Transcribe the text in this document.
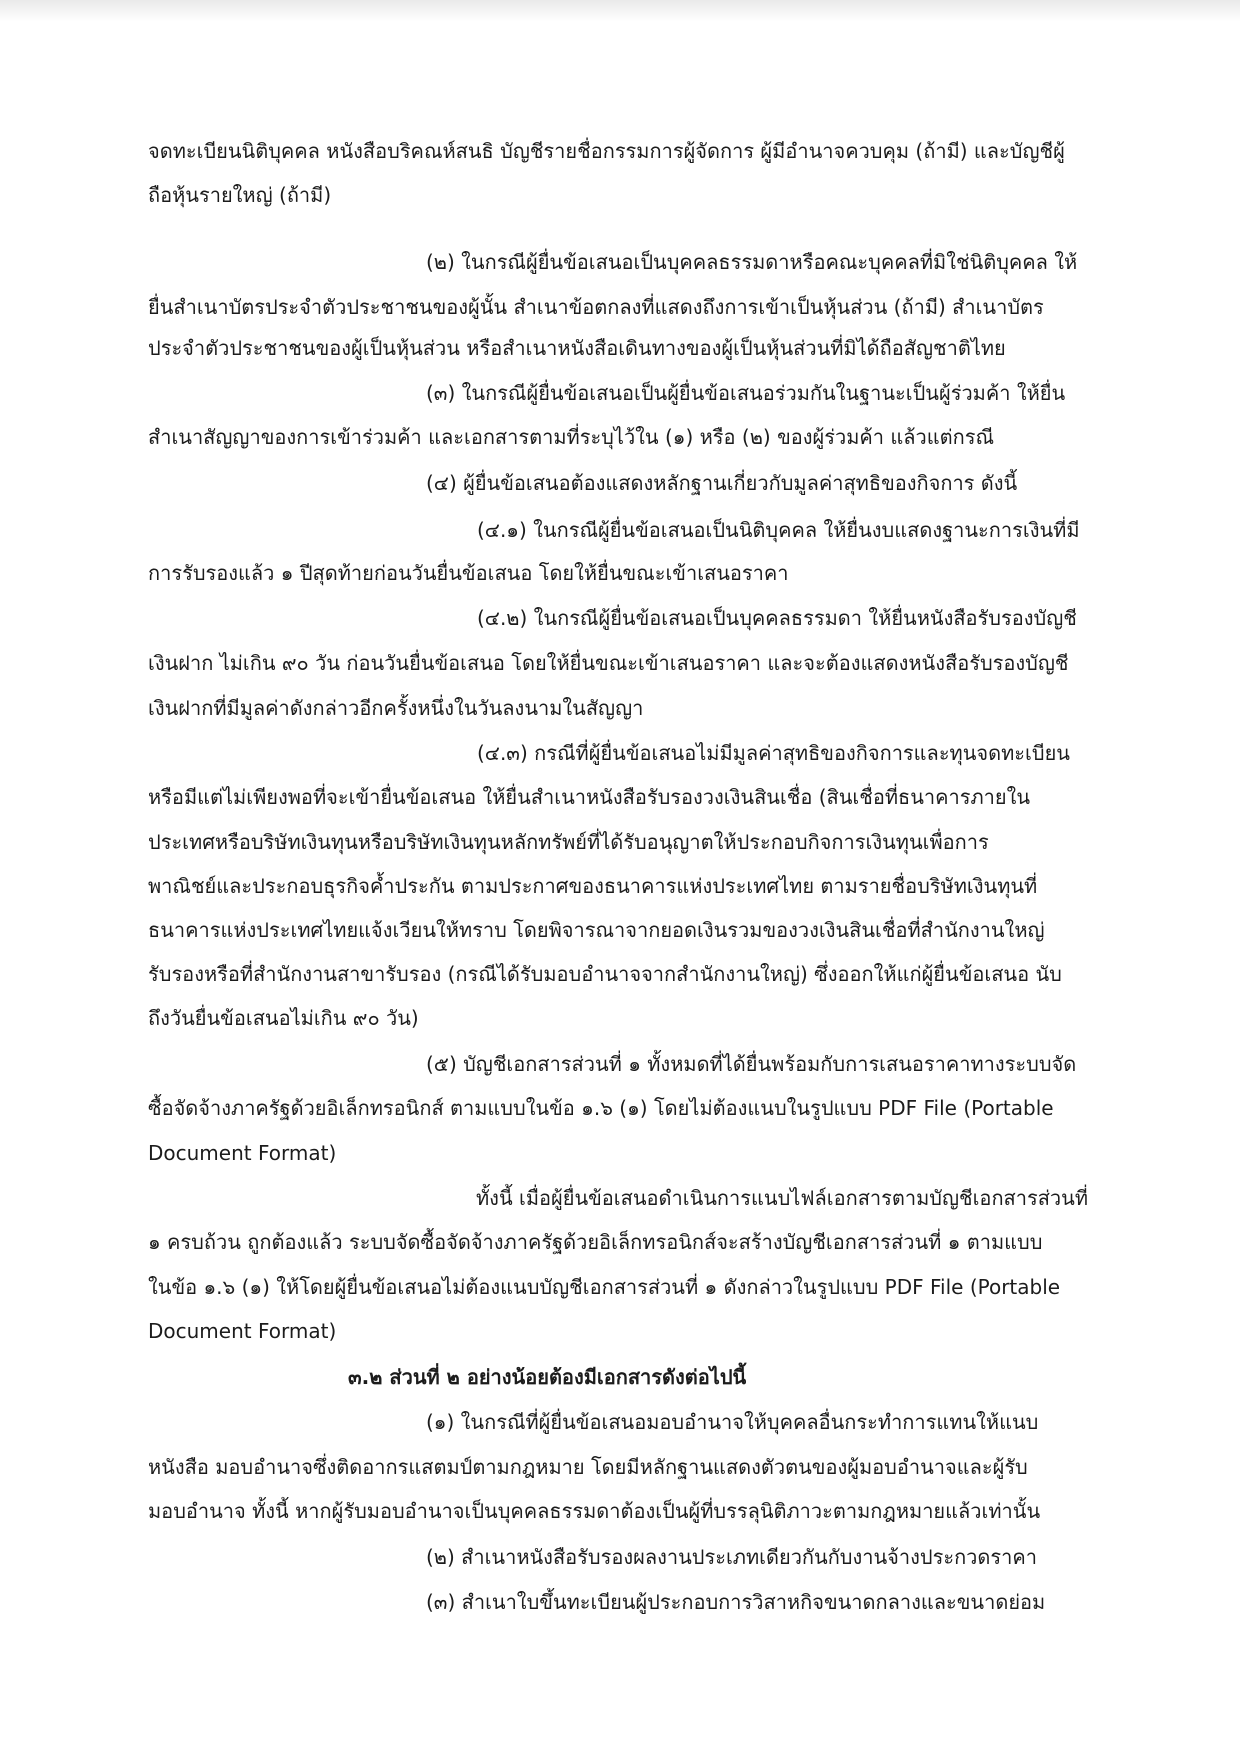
จดทะเบียนนิติบุคคล หนังสือบริคณห์สนธิ บัญชีรายชื่อกรรมการผู้จัดการ ผู้มีอำนาจควบคุม (ถ้ามี) และบัญชีผู้
ถือหุ้นรายใหญ่ (ถ้ามี)
(๒) ในกรณีผู้ยื่นข้อเสนอเป็นบุคคลธรรมดาหรือคณะบุคคลที่มิใช่นิติบุคคล ให้
ยื่นสำเนาบัตรประจำตัวประชาชนของผู้นั้น สำเนาข้อตกลงที่แสดงถึงการเข้าเป็นหุ้นส่วน (ถ้ามี) สำเนาบัตร
ประจำตัวประชาชนของผู้เป็นหุ้นส่วน หรือสำเนาหนังสือเดินทางของผู้เป็นหุ้นส่วนที่มิได้ถือสัญชาติไทย
(๓) ในกรณีผู้ยื่นข้อเสนอเป็นผู้ยื่นข้อเสนอร่วมกันในฐานะเป็นผู้ร่วมค้า ให้ยื่น
สำเนาสัญญาของการเข้าร่วมค้า และเอกสารตามที่ระบุไว้ใน (๑) หรือ (๒) ของผู้ร่วมค้า แล้วแต่กรณี
(๔) ผู้ยื่นข้อเสนอต้องแสดงหลักฐานเกี่ยวกับมูลค่าสุทธิของกิจการ ดังนี้
(๔.๑) ในกรณีผู้ยื่นข้อเสนอเป็นนิติบุคคล ให้ยื่นงบแสดงฐานะการเงินที่มี
การรับรองแล้ว ๑ ปีสุดท้ายก่อนวันยื่นข้อเสนอ โดยให้ยื่นขณะเข้าเสนอราคา
(๔.๒) ในกรณีผู้ยื่นข้อเสนอเป็นบุคคลธรรมดา ให้ยื่นหนังสือรับรองบัญชี
เงินฝาก ไม่เกิน ๙๐ วัน ก่อนวันยื่นข้อเสนอ โดยให้ยื่นขณะเข้าเสนอราคา และจะต้องแสดงหนังสือรับรองบัญชี
เงินฝากที่มีมูลค่าดังกล่าวอีกครั้งหนึ่งในวันลงนามในสัญญา
(๔.๓) กรณีที่ผู้ยื่นข้อเสนอไม่มีมูลค่าสุทธิของกิจการและทุนจดทะเบียน
หรือมีแต่ไม่เพียงพอที่จะเข้ายื่นข้อเสนอ ให้ยื่นสำเนาหนังสือรับรองวงเงินสินเชื่อ (สินเชื่อที่ธนาคารภายใน
ประเทศหรือบริษัทเงินทุนหรือบริษัทเงินทุนหลักทรัพย์ที่ได้รับอนุญาตให้ประกอบกิจการเงินทุนเพื่อการ
พาณิชย์และประกอบธุรกิจค้ำประกัน ตามประกาศของธนาคารแห่งประเทศไทย ตามรายชื่อบริษัทเงินทุนที่
ธนาคารแห่งประเทศไทยแจ้งเวียนให้ทราบ โดยพิจารณาจากยอดเงินรวมของวงเงินสินเชื่อที่สำนักงานใหญ่
รับรองหรือที่สำนักงานสาขารับรอง (กรณีได้รับมอบอำนาจจากสำนักงานใหญ่) ซึ่งออกให้แก่ผู้ยื่นข้อเสนอ นับ
ถึงวันยื่นข้อเสนอไม่เกิน ๙๐ วัน)
(๕) บัญชีเอกสารส่วนที่ ๑ ทั้งหมดที่ได้ยื่นพร้อมกับการเสนอราคาทางระบบจัด
ซื้อจัดจ้างภาครัฐด้วยอิเล็กทรอนิกส์ ตามแบบในข้อ ๑.๖ (๑) โดยไม่ต้องแนบในรูปแบบ PDF File (Portable
Document Format)
ทั้งนี้ เมื่อผู้ยื่นข้อเสนอดำเนินการแนบไฟล์เอกสารตามบัญชีเอกสารส่วนที่
๑ ครบถ้วน ถูกต้องแล้ว ระบบจัดซื้อจัดจ้างภาครัฐด้วยอิเล็กทรอนิกส์จะสร้างบัญชีเอกสารส่วนที่ ๑ ตามแบบ
ในข้อ ๑.๖ (๑) ให้โดยผู้ยื่นข้อเสนอไม่ต้องแนบบัญชีเอกสารส่วนที่ ๑ ดังกล่าวในรูปแบบ PDF File (Portable
Document Format)
๓.๒ ส่วนที่ ๒ อย่างน้อยต้องมีเอกสารดังต่อไปนี้
(๑) ในกรณีที่ผู้ยื่นข้อเสนอมอบอำนาจให้บุคคลอื่นกระทำการแทนให้แนบ
หนังสือ มอบอำนาจซึ่งติดอากรแสตมป์ตามกฎหมาย โดยมีหลักฐานแสดงตัวตนของผู้มอบอำนาจและผู้รับ
มอบอำนาจ ทั้งนี้ หากผู้รับมอบอำนาจเป็นบุคคลธรรมดาต้องเป็นผู้ที่บรรลุนิติภาวะตามกฎหมายแล้วเท่านั้น
(๒) สำเนาหนังสือรับรองผลงานประเภทเดียวกันกับงานจ้างประกวดราคา
(๓) สำเนาใบขึ้นทะเบียนผู้ประกอบการวิสาหกิจขนาดกลางและขนาดย่อม
